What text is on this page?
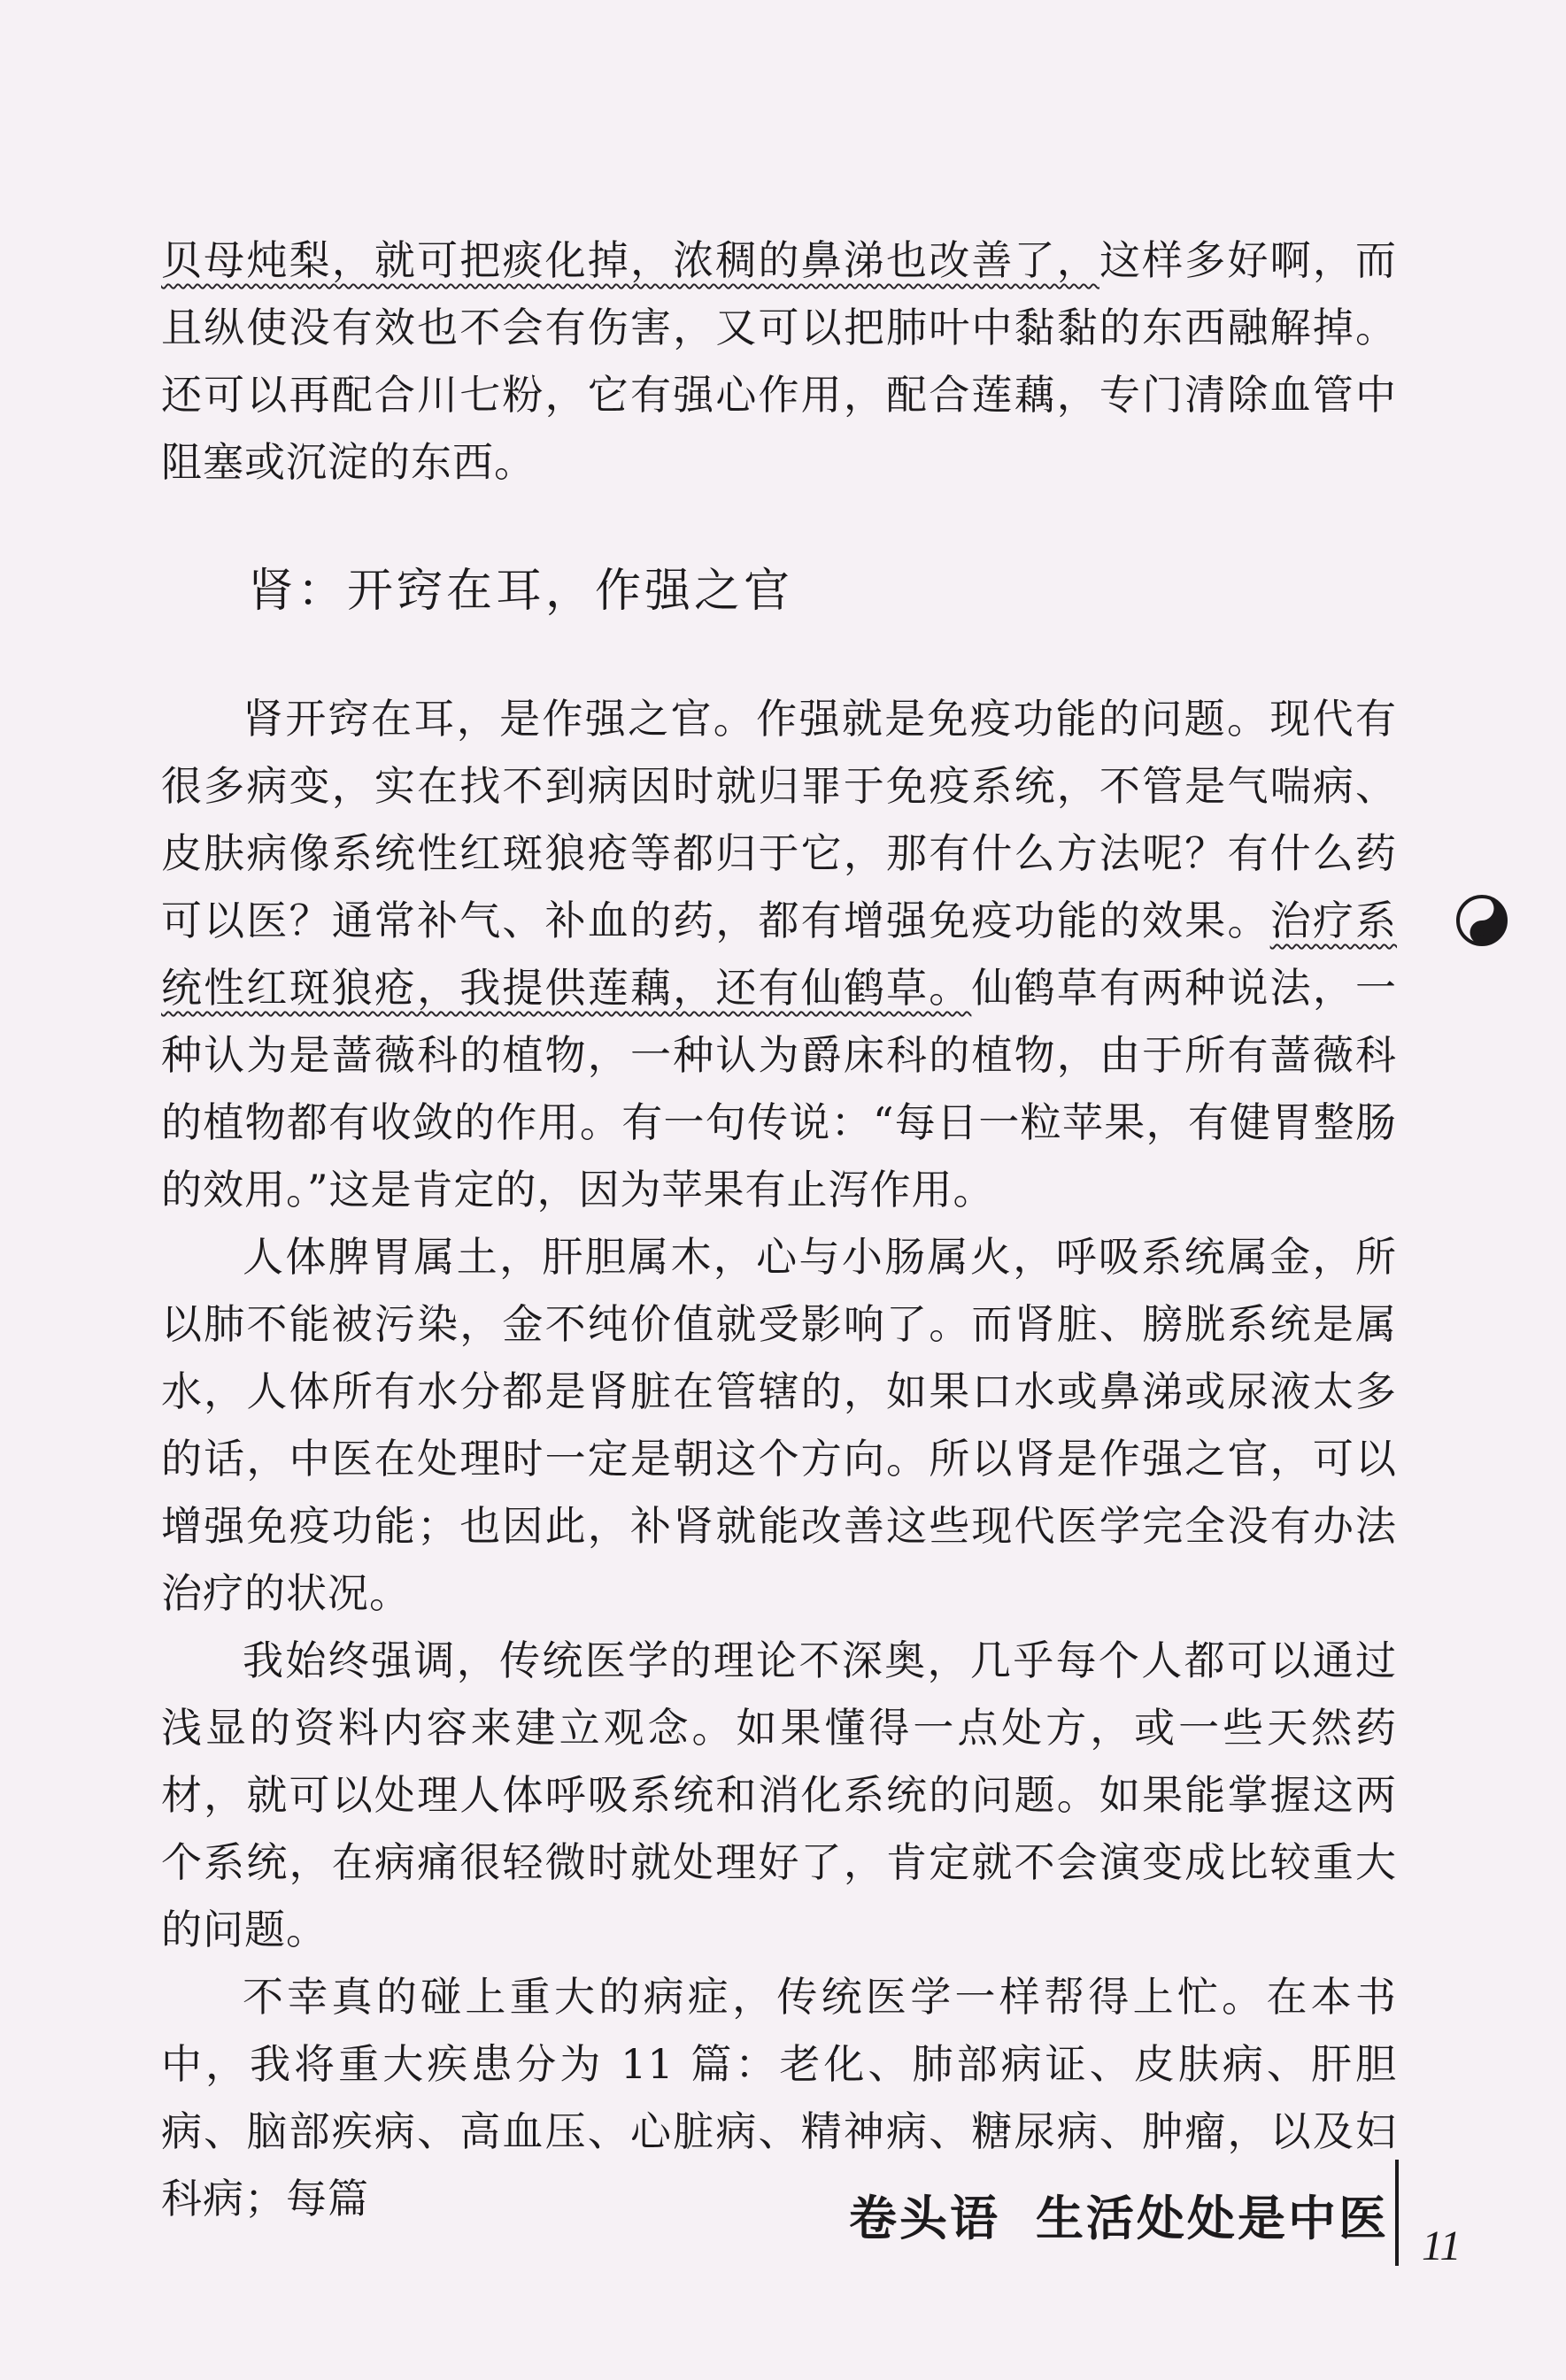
贝母炖梨，就可把痰化掉，浓稠的鼻涕也改善了，这样多好啊，而且纵使没有效也不会有伤害，又可以把肺叶中黏黏的东西融解掉。还可以再配合川七粉，它有强心作用，配合莲藕，专门清除血管中阻塞或沉淀的东西。

肾：开窍在耳，作强之官

肾开窍在耳，是作强之官。作强就是免疫功能的问题。现代有很多病变，实在找不到病因时就归罪于免疫系统，不管是气喘病、皮肤病像系统性红斑狼疮等都归于它，那有什么方法呢？有什么药可以医？通常补气、补血的药，都有增强免疫功能的效果。治疗系统性红斑狼疮，我提供莲藕，还有仙鹤草。仙鹤草有两种说法，一种认为是蔷薇科的植物，一种认为爵床科的植物，由于所有蔷薇科的植物都有收敛的作用。有一句传说：“每日一粒苹果，有健胃整肠的效用。”这是肯定的，因为苹果有止泻作用。

人体脾胃属土，肝胆属木，心与小肠属火，呼吸系统属金，所以肺不能被污染，金不纯价值就受影响了。而肾脏、膀胱系统是属水，人体所有水分都是肾脏在管辖的，如果口水或鼻涕或尿液太多的话，中医在处理时一定是朝这个方向。所以肾是作强之官，可以增强免疫功能；也因此，补肾就能改善这些现代医学完全没有办法治疗的状况。

我始终强调，传统医学的理论不深奥，几乎每个人都可以通过浅显的资料内容来建立观念。如果懂得一点处方，或一些天然药材，就可以处理人体呼吸系统和消化系统的问题。如果能掌握这两个系统，在病痛很轻微时就处理好了，肯定就不会演变成比较重大的问题。

不幸真的碰上重大的病症，传统医学一样帮得上忙。在本书中，我将重大疾患分为 11 篇：老化、肺部病证、皮肤病、肝胆病、脑部疾病、高血压、心脏病、精神病、糖尿病、肿瘤，以及妇科病；每篇	卷头语 生活处处是中医 11
